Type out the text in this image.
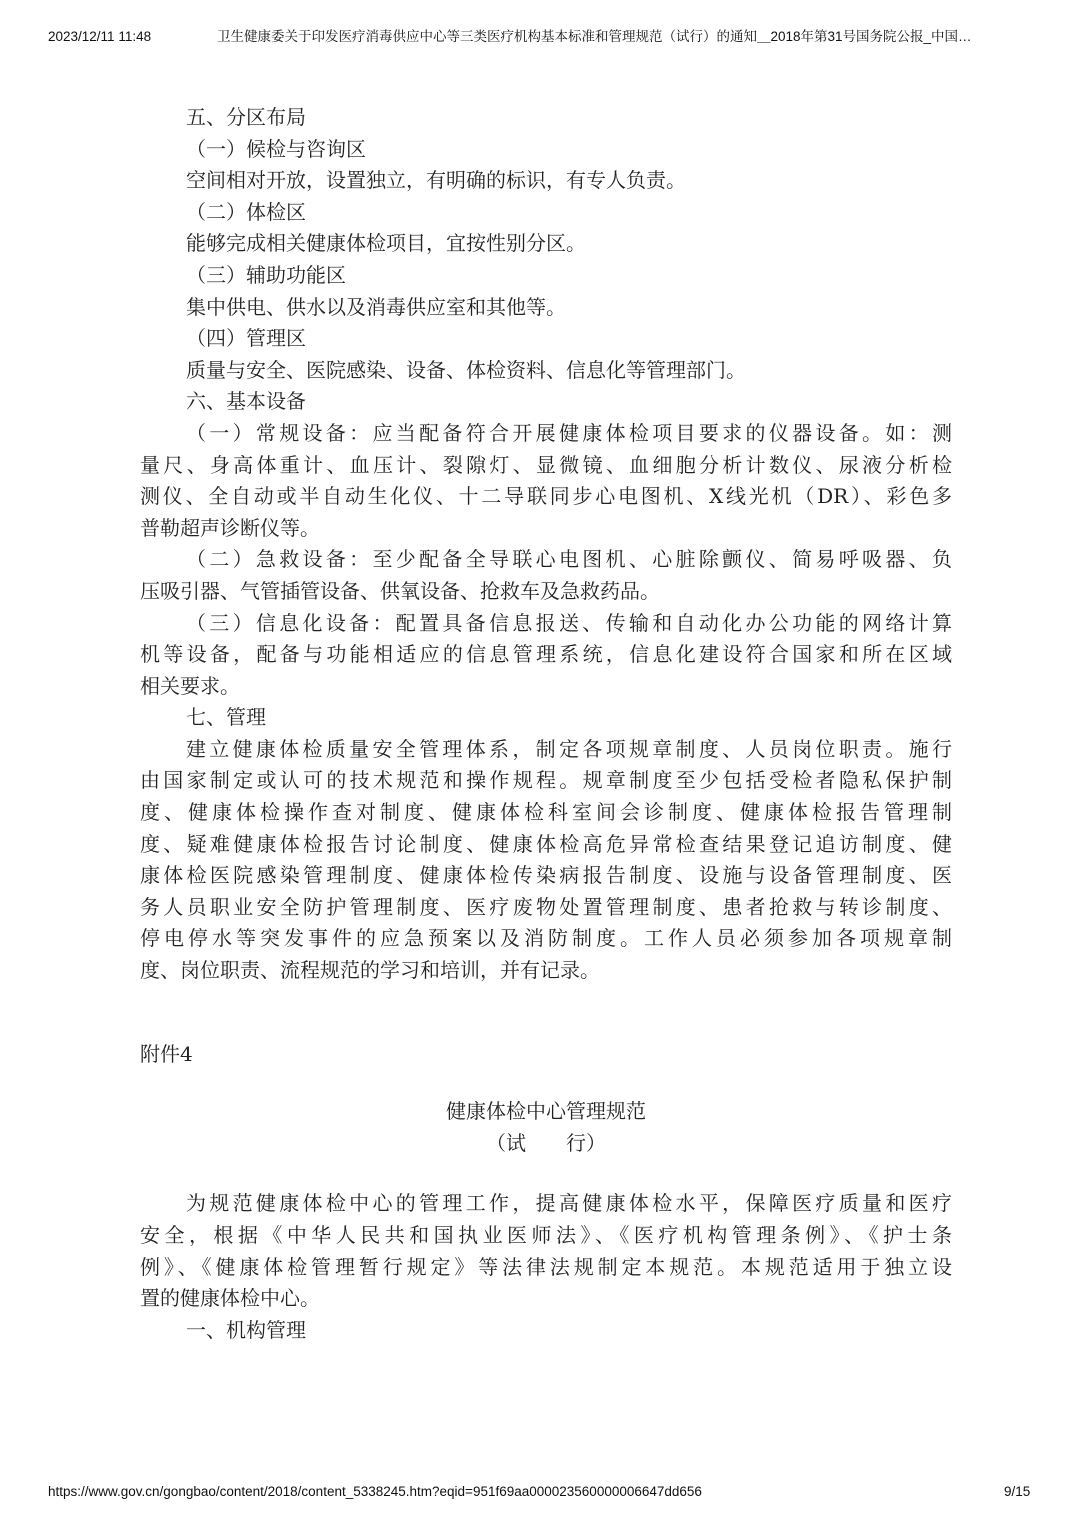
2023/12/11 11:48	卫生健康委关于印发医疗消毒供应中心等三类医疗机构基本标准和管理规范（试行）的通知＿2018年第31号国务院公报_中国…
五、分区布局
（一）候检与咨询区
空间相对开放，设置独立，有明确的标识，有专人负责。
（二）体检区
能够完成相关健康体检项目，宜按性别分区。
（三）辅助功能区
集中供电、供水以及消毒供应室和其他等。
（四）管理区
质量与安全、医院感染、设备、体检资料、信息化等管理部门。
六、基本设备
（一）常规设备：应当配备符合开展健康体检项目要求的仪器设备。如：测
量尺、身高体重计、血压计、裂隙灯、显微镜、血细胞分析计数仪、尿液分析检
测仪、全自动或半自动生化仪、十二导联同步心电图机、X线光机（DR）、彩色多
普勒超声诊断仪等。
（二）急救设备：至少配备全导联心电图机、心脏除颤仪、简易呼吸器、负
压吸引器、气管插管设备、供氧设备、抢救车及急救药品。
（三）信息化设备：配置具备信息报送、传输和自动化办公功能的网络计算
机等设备，配备与功能相适应的信息管理系统，信息化建设符合国家和所在区域
相关要求。
七、管理
建立健康体检质量安全管理体系，制定各项规章制度、人员岗位职责。施行
由国家制定或认可的技术规范和操作规程。规章制度至少包括受检者隐私保护制
度、健康体检操作查对制度、健康体检科室间会诊制度、健康体检报告管理制
度、疑难健康体检报告讨论制度、健康体检高危异常检查结果登记追访制度、健
康体检医院感染管理制度、健康体检传染病报告制度、设施与设备管理制度、医
务人员职业安全防护管理制度、医疗废物处置管理制度、患者抢救与转诊制度、
停电停水等突发事件的应急预案以及消防制度。工作人员必须参加各项规章制
度、岗位职责、流程规范的学习和培训，并有记录。
附件4
健康体检中心管理规范
（试　　行）
为规范健康体检中心的管理工作，提高健康体检水平，保障医疗质量和医疗
安全，根据《中华人民共和国执业医师法》、《医疗机构管理条例》、《护士条
例》、《健康体检管理暂行规定》等法律法规制定本规范。本规范适用于独立设
置的健康体检中心。
一、机构管理
https://www.gov.cn/gongbao/content/2018/content_5338245.htm?eqid=951f69aa000023560000006647dd656	9/15
